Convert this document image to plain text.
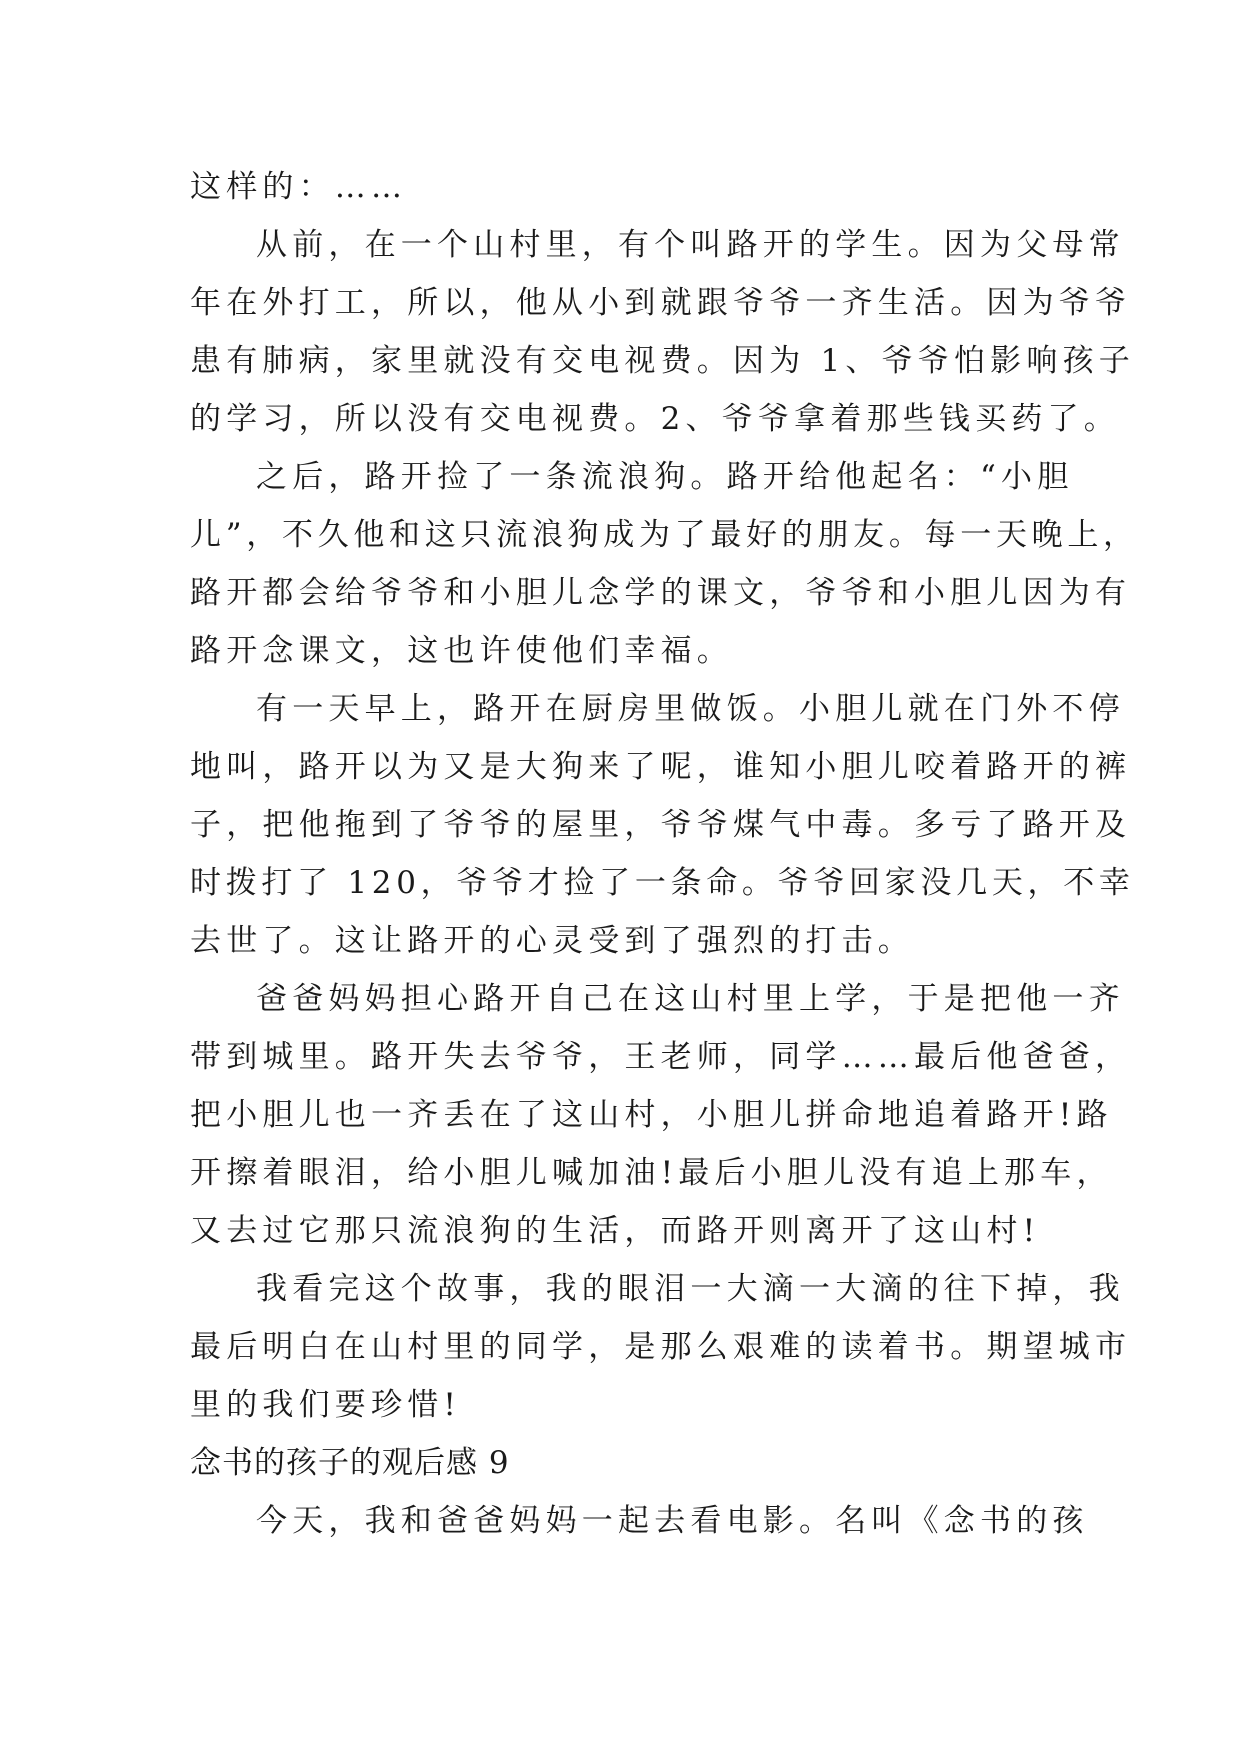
这样的：……
从前，在一个山村里，有个叫路开的学生。因为父母常
年在外打工，所以，他从小到就跟爷爷一齐生活。因为爷爷
患有肺病，家里就没有交电视费。因为 1、爷爷怕影响孩子
的学习，所以没有交电视费。2、爷爷拿着那些钱买药了。
之后，路开捡了一条流浪狗。路开给他起名：“小胆
儿”，不久他和这只流浪狗成为了最好的朋友。每一天晚上，
路开都会给爷爷和小胆儿念学的课文，爷爷和小胆儿因为有
路开念课文，这也许使他们幸福。
有一天早上，路开在厨房里做饭。小胆儿就在门外不停
地叫，路开以为又是大狗来了呢，谁知小胆儿咬着路开的裤
子，把他拖到了爷爷的屋里，爷爷煤气中毒。多亏了路开及
时拨打了 120，爷爷才捡了一条命。爷爷回家没几天，不幸
去世了。这让路开的心灵受到了强烈的打击。
爸爸妈妈担心路开自己在这山村里上学，于是把他一齐
带到城里。路开失去爷爷，王老师，同学……最后他爸爸，
把小胆儿也一齐丢在了这山村，小胆儿拼命地追着路开!路
开擦着眼泪，给小胆儿喊加油!最后小胆儿没有追上那车，
又去过它那只流浪狗的生活，而路开则离开了这山村!
我看完这个故事，我的眼泪一大滴一大滴的往下掉，我
最后明白在山村里的同学，是那么艰难的读着书。期望城市
里的我们要珍惜!
念书的孩子的观后感 9
今天，我和爸爸妈妈一起去看电影。名叫《念书的孩
